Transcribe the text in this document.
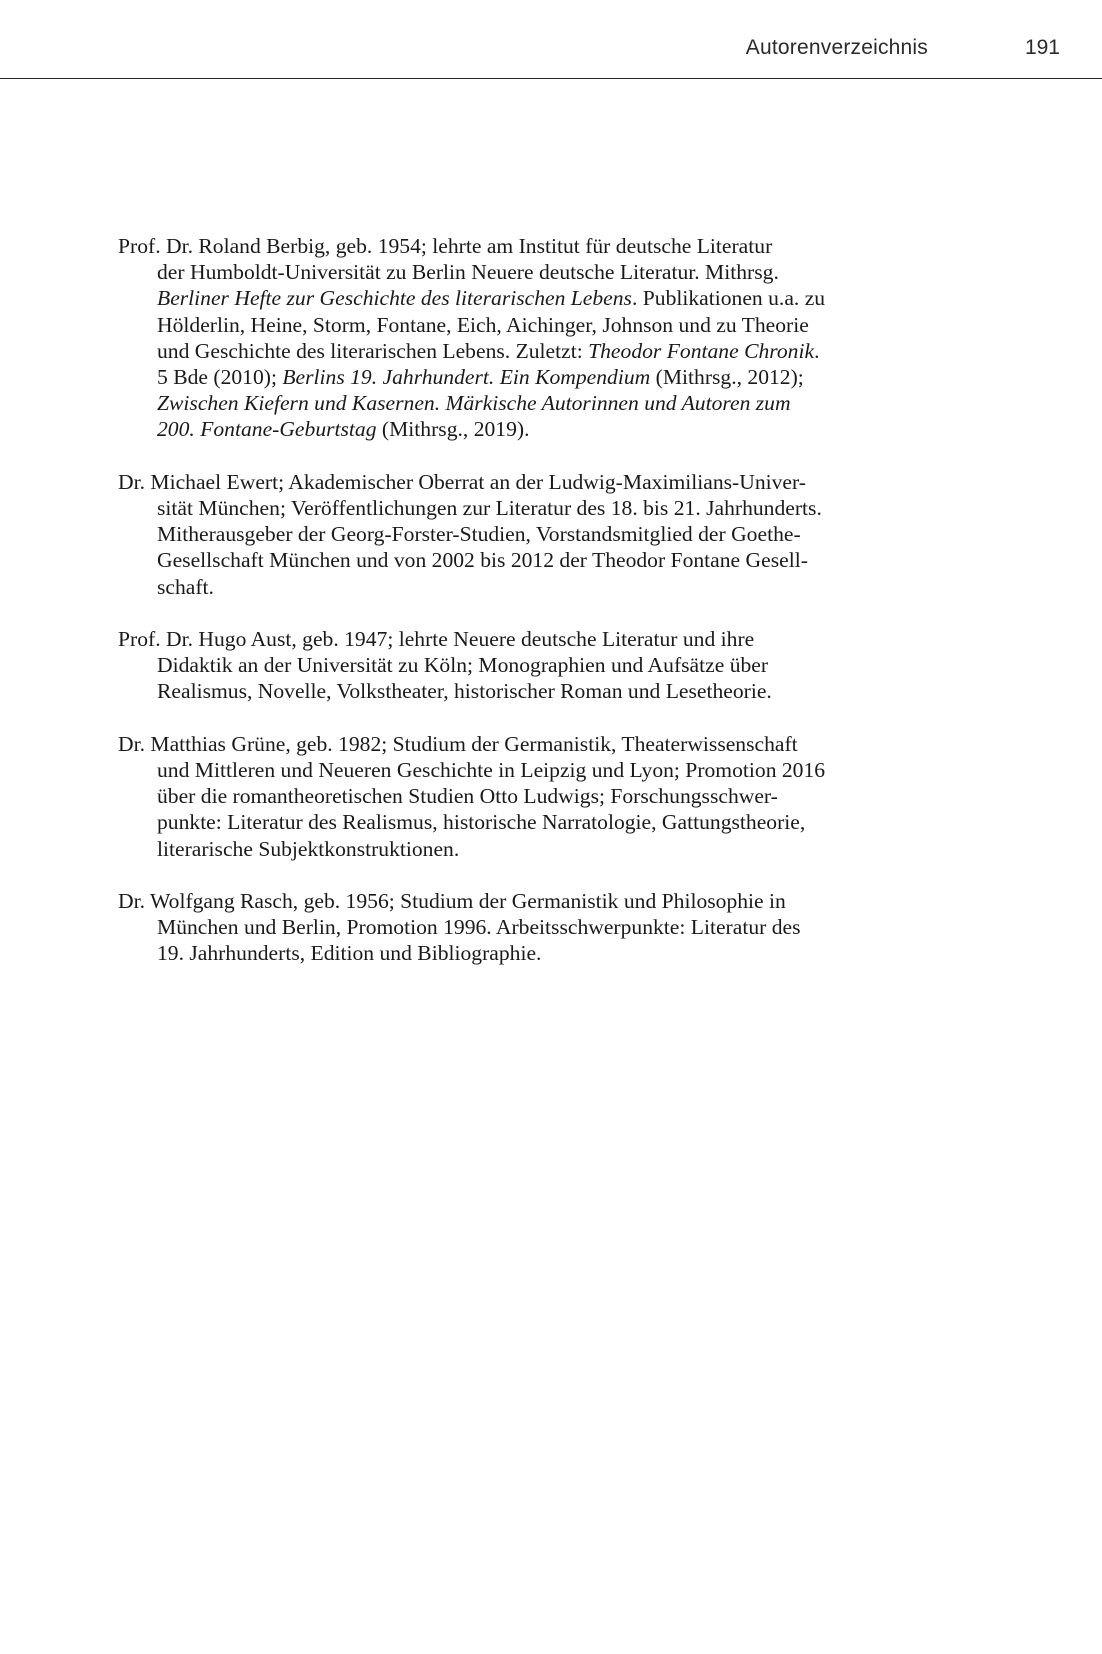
Autorenverzeichnis	191

Prof. Dr. Roland Berbig, geb. 1954; lehrte am Institut für deutsche Literatur
der Humboldt-Universität zu Berlin Neuere deutsche Literatur. Mithrsg.
Berliner Hefte zur Geschichte des literarischen Lebens. Publikationen u.a. zu
Hölderlin, Heine, Storm, Fontane, Eich, Aichinger, Johnson und zu Theorie
und Geschichte des literarischen Lebens. Zuletzt: Theodor Fontane Chronik.
5 Bde (2010); Berlins 19. Jahrhundert. Ein Kompendium (Mithrsg., 2012);
Zwischen Kiefern und Kasernen. Märkische Autorinnen und Autoren zum
200. Fontane-Geburtstag (Mithrsg., 2019).

Dr. Michael Ewert; Akademischer Oberrat an der Ludwig-Maximilians-Univer-
sität München; Veröffentlichungen zur Literatur des 18. bis 21. Jahrhunderts.
Mitherausgeber der Georg-Forster-Studien, Vorstandsmitglied der Goethe-
Gesellschaft München und von 2002 bis 2012 der Theodor Fontane Gesell-
schaft.

Prof. Dr. Hugo Aust, geb. 1947; lehrte Neuere deutsche Literatur und ihre
Didaktik an der Universität zu Köln; Monographien und Aufsätze über
Realismus, Novelle, Volkstheater, historischer Roman und Lesetheorie.

Dr. Matthias Grüne, geb. 1982; Studium der Germanistik, Theaterwissenschaft
und Mittleren und Neueren Geschichte in Leipzig und Lyon; Promotion 2016
über die romantheoretischen Studien Otto Ludwigs; Forschungsschwer-
punkte: Literatur des Realismus, historische Narratologie, Gattungstheorie,
literarische Subjektkonstruktionen.

Dr. Wolfgang Rasch, geb. 1956; Studium der Germanistik und Philosophie in
München und Berlin, Promotion 1996. Arbeitsschwerpunkte: Literatur des
19. Jahrhunderts, Edition und Bibliographie.
